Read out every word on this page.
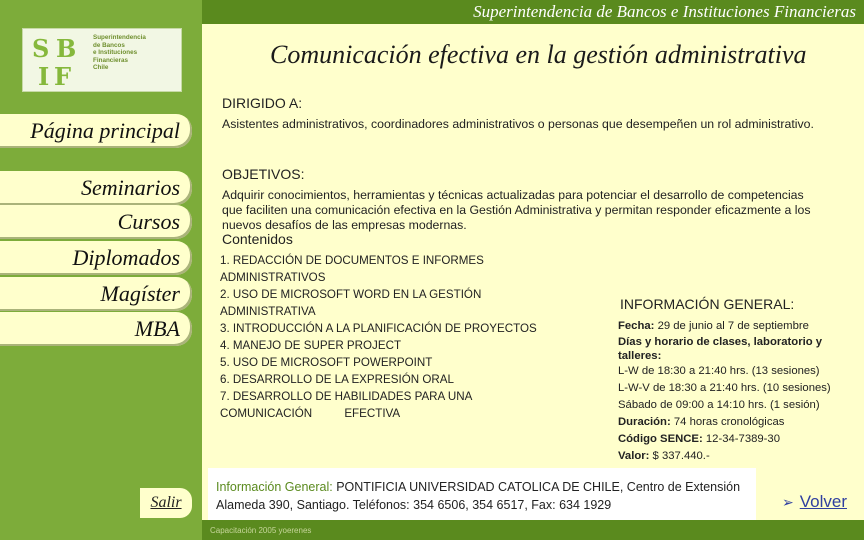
Superintendencia de Bancos e Instituciones Financieras
S B
I F
Superintendencia
de Bancos
e Instituciones
Financieras
Chile	Comunicación efectiva en la gestión administrativa
Página principal
Seminarios
Cursos
Diplomados
Magíster
MBA
Salir
DIRIGIDO A:
Asistentes administrativos, coordinadores administrativos o personas que desempeñen un rol administrativo.
OBJETIVOS:
Adquirir conocimientos, herramientas y técnicas actualizadas para potenciar el desarrollo de competencias que faciliten una comunicación efectiva en la Gestión Administrativa y permitan responder eficazmente a los nuevos desafíos de las empresas modernas.
Contenidos
1. REDACCIÓN DE DOCUMENTOS E INFORMES
ADMINISTRATIVOS
2. USO DE MICROSOFT WORD EN LA GESTIÓN
ADMINISTRATIVA
3. INTRODUCCIÓN A LA PLANIFICACIÓN DE PROYECTOS
4. MANEJO DE SUPER PROJECT
5. USO DE MICROSOFT POWERPOINT
6. DESARROLLO DE LA EXPRESIÓN ORAL
7. DESARROLLO DE HABILIDADES PARA UNA
COMUNICACIÓN          EFECTIVA
INFORMACIÓN GENERAL:
Fecha: 29 de junio al 7 de septiembre
Días y horario de clases, laboratorio y talleres:
L-W de 18:30 a 21:40 hrs. (13 sesiones)
L-W-V de 18:30 a 21:40 hrs. (10 sesiones)
Sábado de 09:00 a 14:10 hrs. (1 sesión)
Duración: 74 horas cronológicas
Código SENCE: 12-34-7389-30
Valor: $ 337.440.-
Información General: PONTIFICIA UNIVERSIDAD CATOLICA DE CHILE, Centro de Extensión
Alameda 390, Santiago. Teléfonos: 354 6506, 354 6517, Fax: 634 1929
Capacitación 2005 yoerenes
➢ Volver
